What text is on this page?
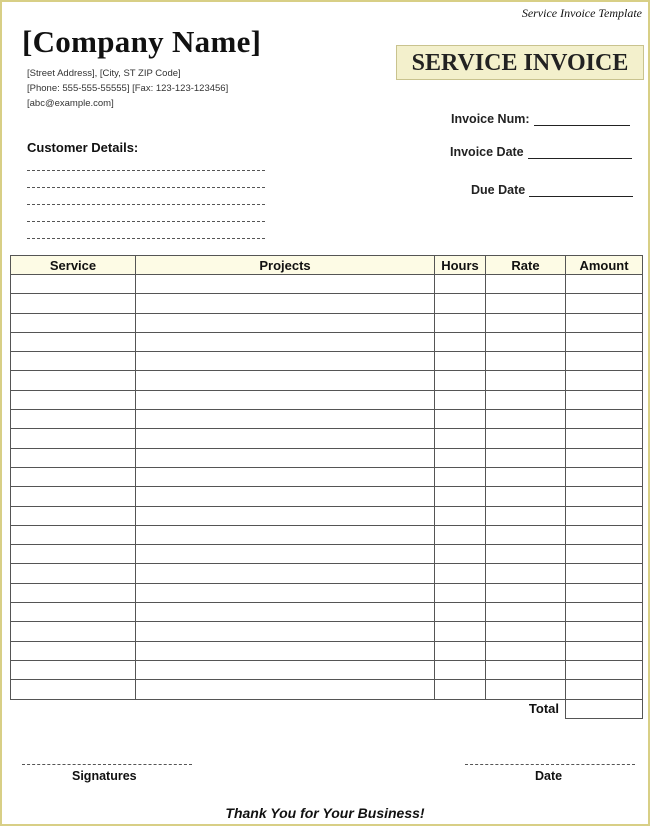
Service Invoice Template
[Company Name]
[Street Address], [City, ST ZIP Code]
[Phone: 555-555-55555] [Fax: 123-123-123456]
[abc@example.com]
SERVICE INVOICE
Invoice Num:
Invoice Date
Due Date
Customer Details:
Service	Projects	Hours	Rate	Amount

			Total	
Signatures	Date
Thank You for Your Business!
